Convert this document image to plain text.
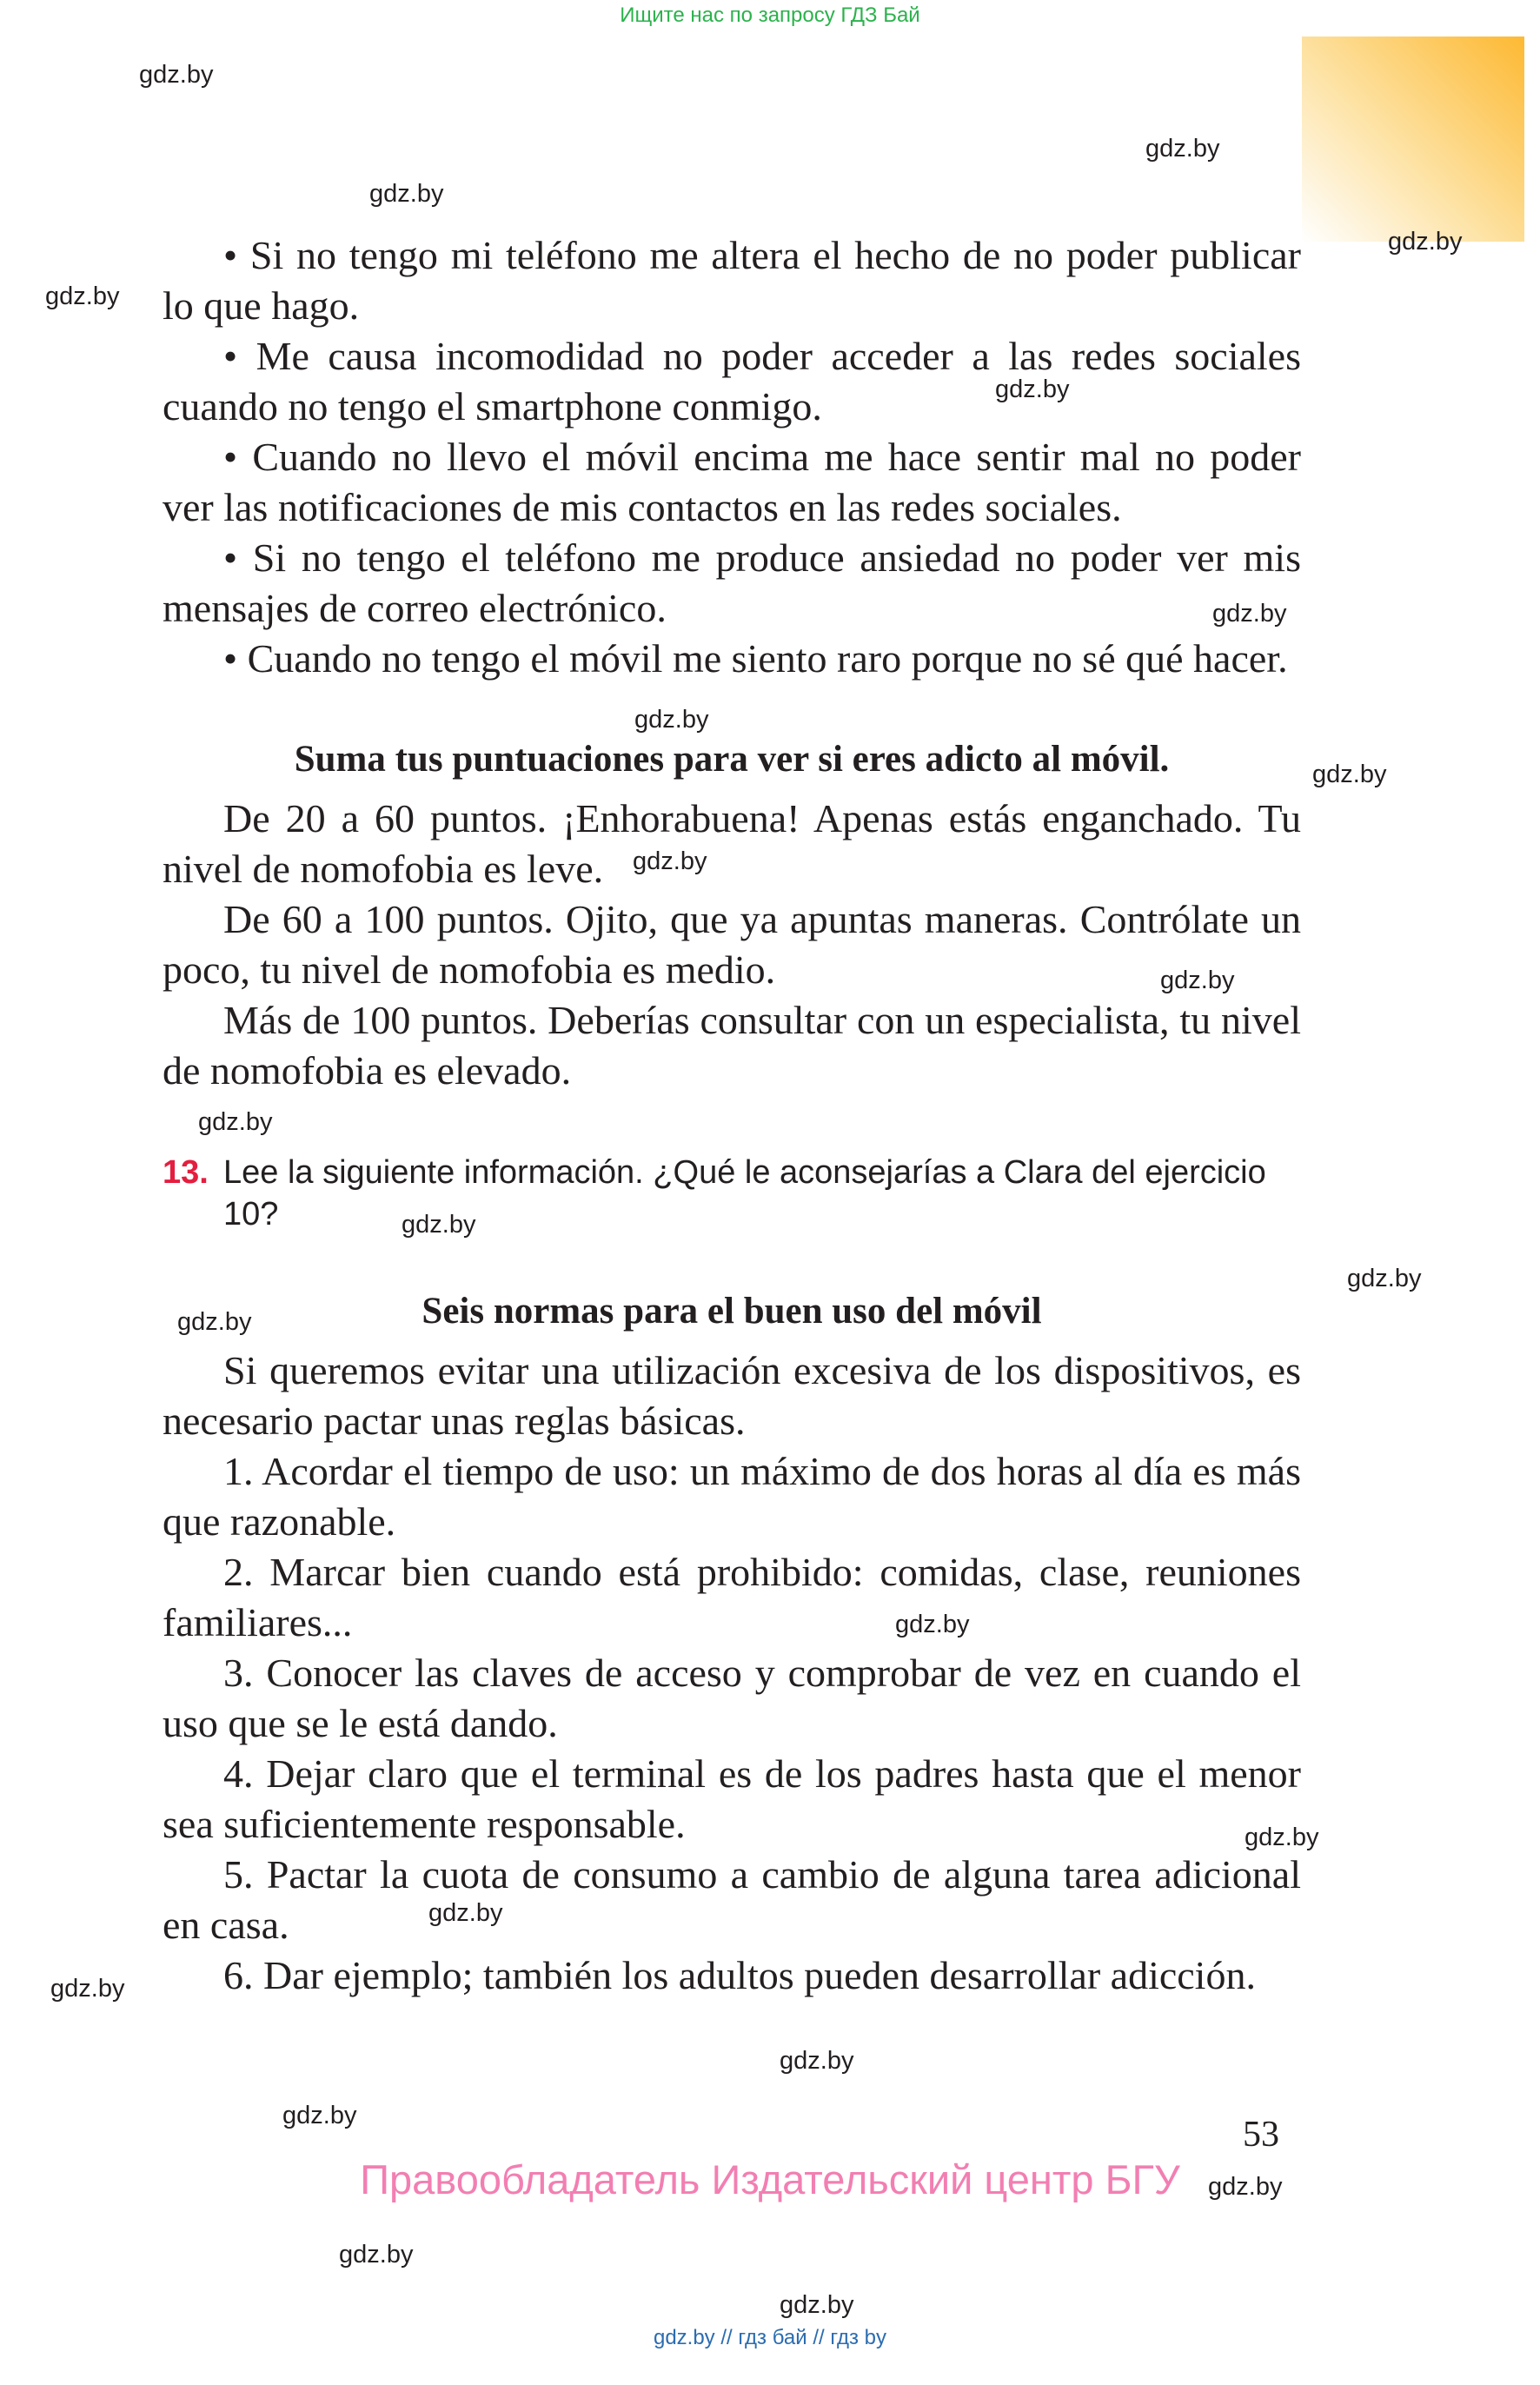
Ищите нас по запросу ГДЗ Бай
gdz.by
gdz.by
gdz.by
gdz.by
gdz.by
gdz.by
gdz.by
gdz.by
gdz.by
gdz.by
gdz.by
gdz.by
gdz.by
gdz.by
gdz.by
gdz.by
gdz.by
gdz.by
gdz.by
gdz.by
gdz.by
gdz.by
gdz.by
gdz.by

• Si no tengo mi teléfono me altera el hecho de no poder publicar lo que hago.

• Me causa incomodidad no poder acceder a las redes sociales cuando no tengo el smartphone conmigo.

• Cuando no llevo el móvil encima me hace sentir mal no poder ver las notificaciones de mis contactos en las redes sociales.

• Si no tengo el teléfono me produce ansiedad no poder ver mis mensajes de correo electrónico.

• Cuando no tengo el móvil me siento raro porque no sé qué hacer.

Suma tus puntuaciones para ver si eres adicto al móvil.

De 20 a 60 puntos. ¡Enhorabuena! Apenas estás enganchado. Tu nivel de nomofobia es leve.

De 60 a 100 puntos. Ojito, que ya apuntas maneras. Contrólate un poco, tu nivel de nomofobia es medio.

Más de 100 puntos. Deberías consultar con un especialista, tu nivel de nomofobia es elevado.

13. Lee la siguiente información. ¿Qué le aconsejarías a Clara del ejercicio 10?
Seis normas para el buen uso del móvil

Si queremos evitar una utilización excesiva de los dispositivos, es necesario pactar unas reglas básicas.

1. Acordar el tiempo de uso: un máximo de dos horas al día es más que razonable.

2. Marcar bien cuando está prohibido: comidas, clase, reuniones familiares...

3. Conocer las claves de acceso y comprobar de vez en cuando el uso que se le está dando.

4. Dejar claro que el terminal es de los padres hasta que el menor sea suficientemente responsable.

5. Pactar la cuota de consumo a cambio de alguna tarea adicional en casa.

6. Dar ejemplo; también los adultos pueden desarrollar adicción.

53
Правообладатель Издательский центр БГУ
gdz.by // гдз бай // гдз by
